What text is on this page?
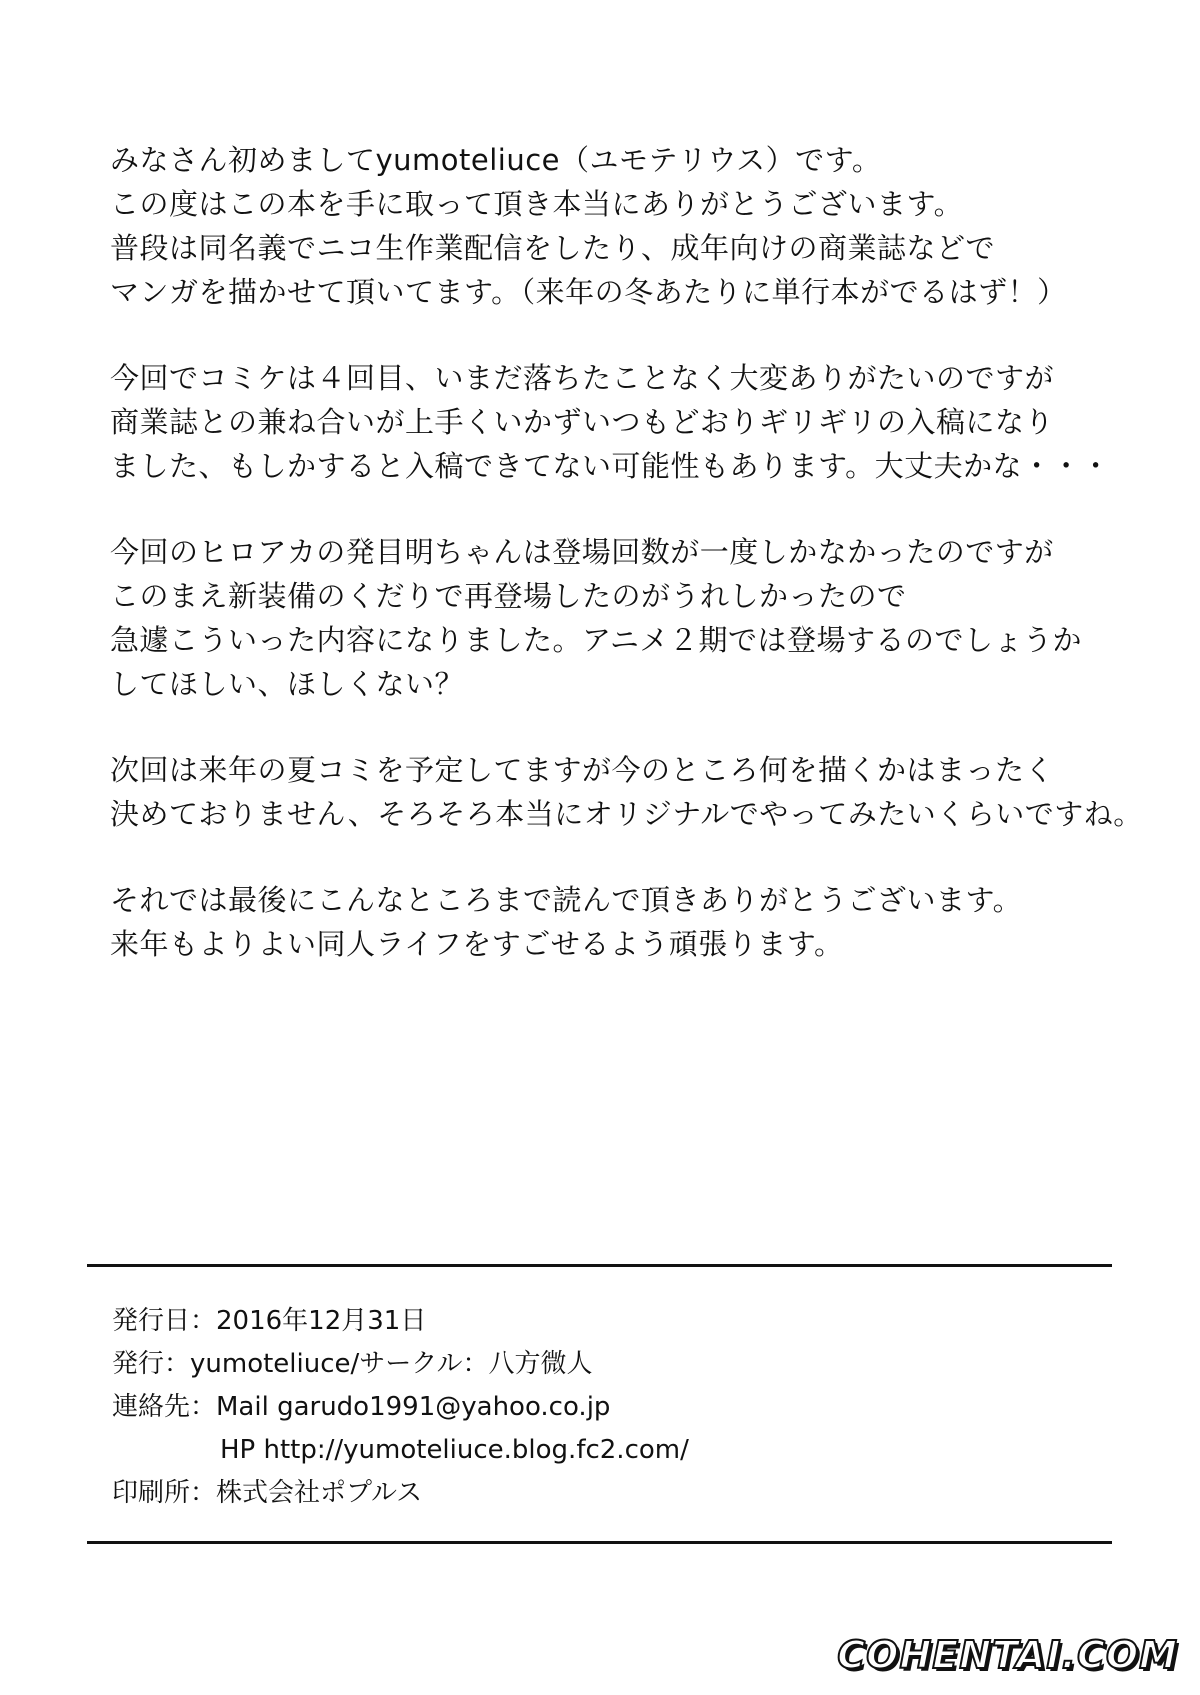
みなさん初めましてyumoteliuce（ユモテリウス）です。
この度はこの本を手に取って頂き本当にありがとうございます。
普段は同名義でニコ生作業配信をしたり、成年向けの商業誌などで
マンガを描かせて頂いてます。（来年の冬あたりに単行本がでるはず！）
今回でコミケは４回目、いまだ落ちたことなく大変ありがたいのですが
商業誌との兼ね合いが上手くいかずいつもどおりギリギリの入稿になり
ました、もしかすると入稿できてない可能性もあります。大丈夫かな・・・
今回のヒロアカの発目明ちゃんは登場回数が一度しかなかったのですが
このまえ新装備のくだりで再登場したのがうれしかったので
急遽こういった内容になりました。アニメ２期では登場するのでしょうか
してほしい、ほしくない？
次回は来年の夏コミを予定してますが今のところ何を描くかはまったく
決めておりません、そろそろ本当にオリジナルでやってみたいくらいですね。
それでは最後にこんなところまで読んで頂きありがとうございます。
来年もよりよい同人ライフをすごせるよう頑張ります。
発行日：2016年12月31日
発行：yumoteliuce/サークル：八方微人
連絡先：Mail garudo1991@yahoo.co.jp
HP http://yumoteliuce.blog.fc2.com/
印刷所：株式会社ポプルス
COHENTAI.COM
